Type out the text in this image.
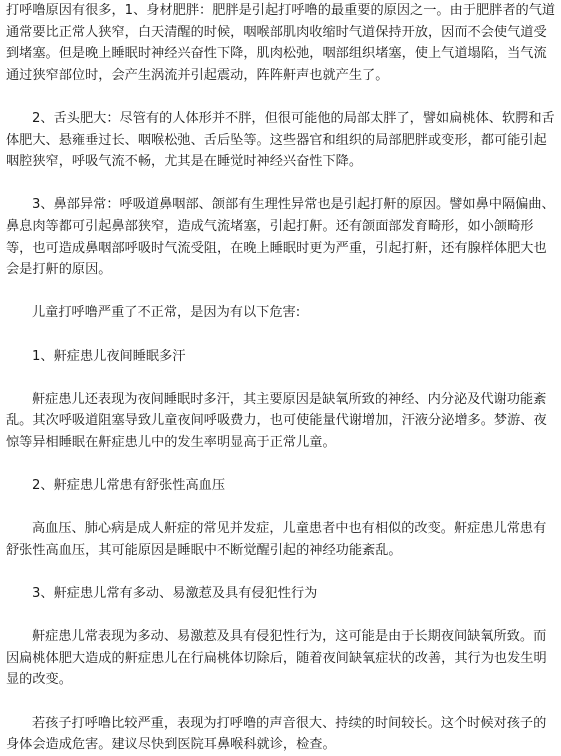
打呼噜原因有很多，1、身材肥胖：肥胖是引起打呼噜的最重要的原因之一。由于肥胖者的气道通常要比正常人狭窄，白天清醒的时候，咽喉部肌肉收缩时气道保持开放，因而不会使气道受到堵塞。但是晚上睡眠时神经兴奋性下降，肌肉松弛，咽部组织堵塞，使上气道塌陷，当气流通过狭窄部位时，会产生涡流并引起震动，阵阵鼾声也就产生了。

2、舌头肥大：尽管有的人体形并不胖，但很可能他的局部太胖了，譬如扁桃体、软腭和舌体肥大、悬雍垂过长、咽喉松弛、舌后坠等。这些器官和组织的局部肥胖或变形，都可能引起咽腔狭窄，呼吸气流不畅，尤其是在睡觉时神经兴奋性下降。

3、鼻部异常：呼吸道鼻咽部、颌部有生理性异常也是引起打鼾的原因。譬如鼻中隔偏曲、鼻息肉等都可引起鼻部狭窄，造成气流堵塞，引起打鼾。还有颌面部发育畸形，如小颌畸形等，也可造成鼻咽部呼吸时气流受阻，在晚上睡眠时更为严重，引起打鼾，还有腺样体肥大也会是打鼾的原因。

儿童打呼噜严重了不正常，是因为有以下危害:

1、鼾症患儿夜间睡眠多汗

鼾症患儿还表现为夜间睡眠时多汗，其主要原因是缺氧所致的神经、内分泌及代谢功能紊乱。其次呼吸道阻塞导致儿童夜间呼吸费力，也可使能量代谢增加，汗液分泌增多。梦游、夜惊等异相睡眠在鼾症患儿中的发生率明显高于正常儿童。

2、鼾症患儿常患有舒张性高血压

高血压、肺心病是成人鼾症的常见并发症，儿童患者中也有相似的改变。鼾症患儿常患有舒张性高血压，其可能原因是睡眠中不断觉醒引起的神经功能紊乱。

3、鼾症患儿常有多动、易激惹及具有侵犯性行为

鼾症患儿常表现为多动、易激惹及具有侵犯性行为，这可能是由于长期夜间缺氧所致。而因扁桃体肥大造成的鼾症患儿在行扁桃体切除后，随着夜间缺氧症状的改善，其行为也发生明显的改变。

若孩子打呼噜比较严重，表现为打呼噜的声音很大、持续的时间较长。这个时候对孩子的身体会造成危害。建议尽快到医院耳鼻喉科就诊，检查。
